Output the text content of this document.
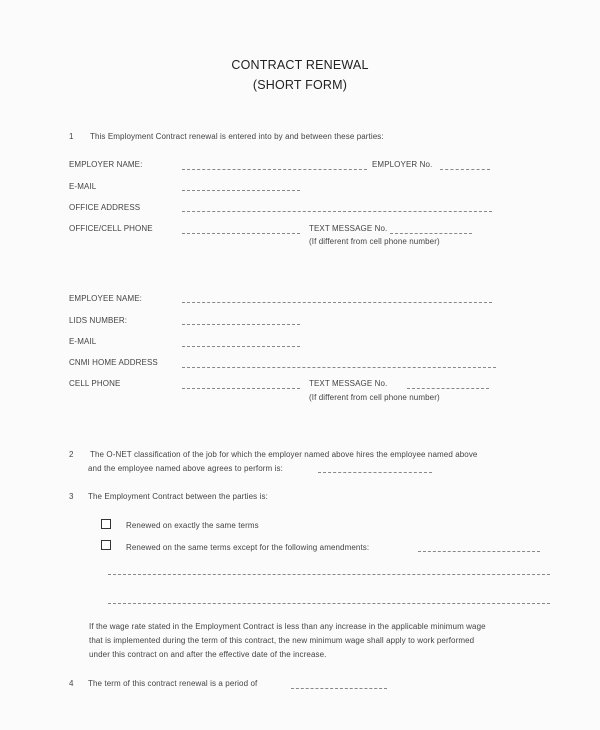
CONTRACT RENEWAL
(SHORT FORM)
1 This Employment Contract renewal is entered into by and between these parties:
EMPLOYER NAME:	EMPLOYER No.
E-MAIL
OFFICE ADDRESS
OFFICE/CELL PHONE	TEXT MESSAGE No.
(If different from cell phone number)
EMPLOYEE NAME:
LIDS NUMBER:
E-MAIL
CNMI HOME ADDRESS
CELL PHONE	TEXT MESSAGE No.
(If different from cell phone number)
2 The O-NET classification of the job for which the employer named above hires the employee named above
and the employee named above agrees to perform is:
3 The Employment Contract between the parties is:
Renewed on exactly the same terms
Renewed on the same terms except for the following amendments:
If the wage rate stated in the Employment Contract is less than any increase in the applicable minimum wage
that is implemented during the term of this contract, the new minimum wage shall apply to work performed
under this contract on and after the effective date of the increase.
4 The term of this contract renewal is a period of
